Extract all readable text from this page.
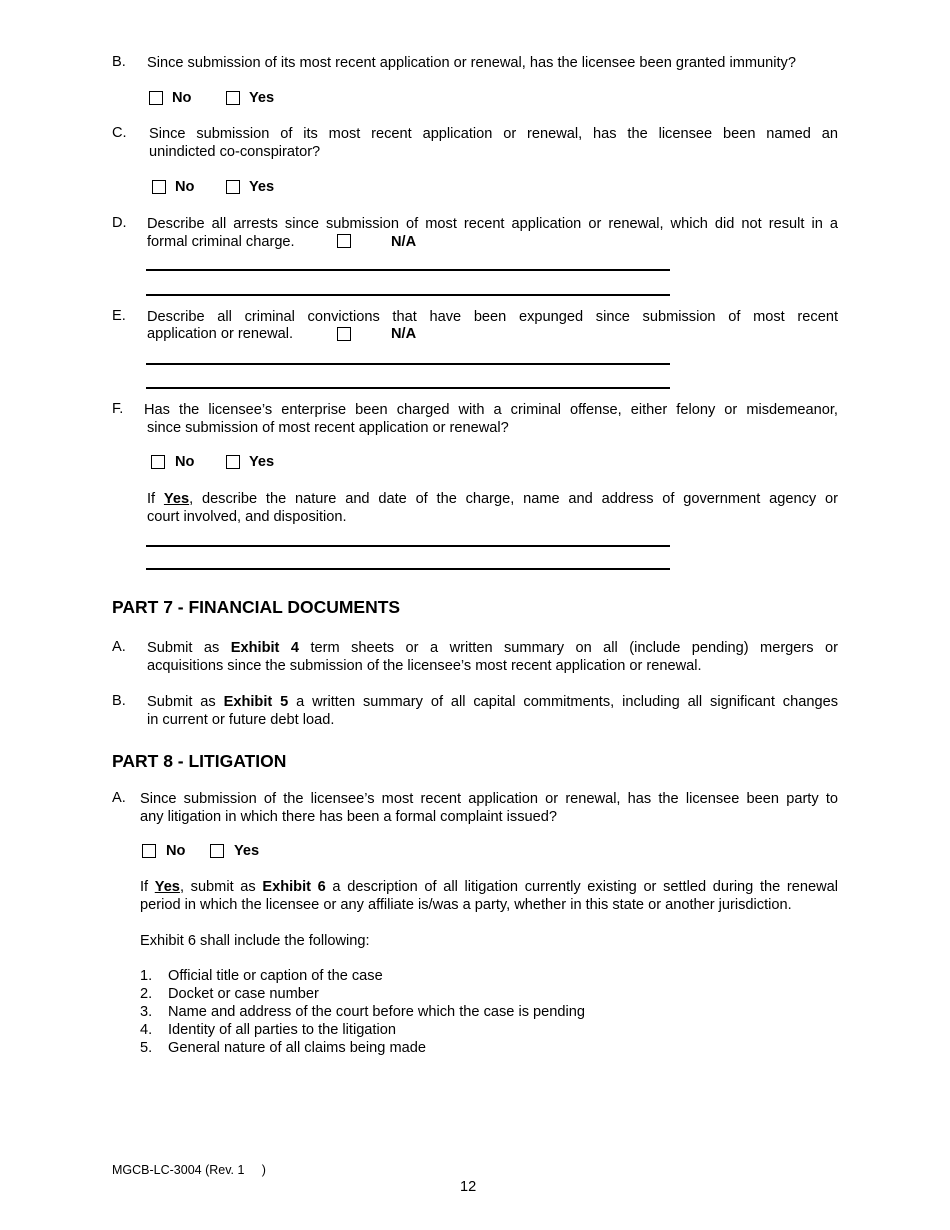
B. Since submission of its most recent application or renewal, has the licensee been granted immunity?
No	Yes
C. Since submission of its most recent application or renewal, has the licensee been named an
unindicted co-conspirator?
No	Yes
D. Describe all arrests since submission of most recent application or renewal, which did not result in a
formal criminal charge.	N/A
E. Describe all criminal convictions that have been expunged since submission of most recent
application or renewal.	N/A
F. Has the licensee’s enterprise been charged with a criminal offense, either felony or misdemeanor,
since submission of most recent application or renewal?
No	Yes
If Yes, describe the nature and date of the charge, name and address of government agency or
court involved, and disposition.
PART 7 - FINANCIAL DOCUMENTS
A. Submit as Exhibit 4 term sheets or a written summary on all (include pending) mergers or
acquisitions since the submission of the licensee’s most recent application or renewal.
B. Submit as Exhibit 5 a written summary of all capital commitments, including all significant changes
in current or future debt load.
PART 8 - LITIGATION
A. Since submission of the licensee’s most recent application or renewal, has the licensee been party to
any litigation in which there has been a formal complaint issued?
No	Yes
If Yes, submit as Exhibit 6 a description of all litigation currently existing or settled during the renewal
period in which the licensee or any affiliate is/was a party, whether in this state or another jurisdiction.
Exhibit 6 shall include the following:
1. Official title or caption of the case
2. Docket or case number
3. Name and address of the court before which the case is pending
4. Identity of all parties to the litigation
5. General nature of all claims being made
MGCB-LC-3004 (Rev. 1     )
12
